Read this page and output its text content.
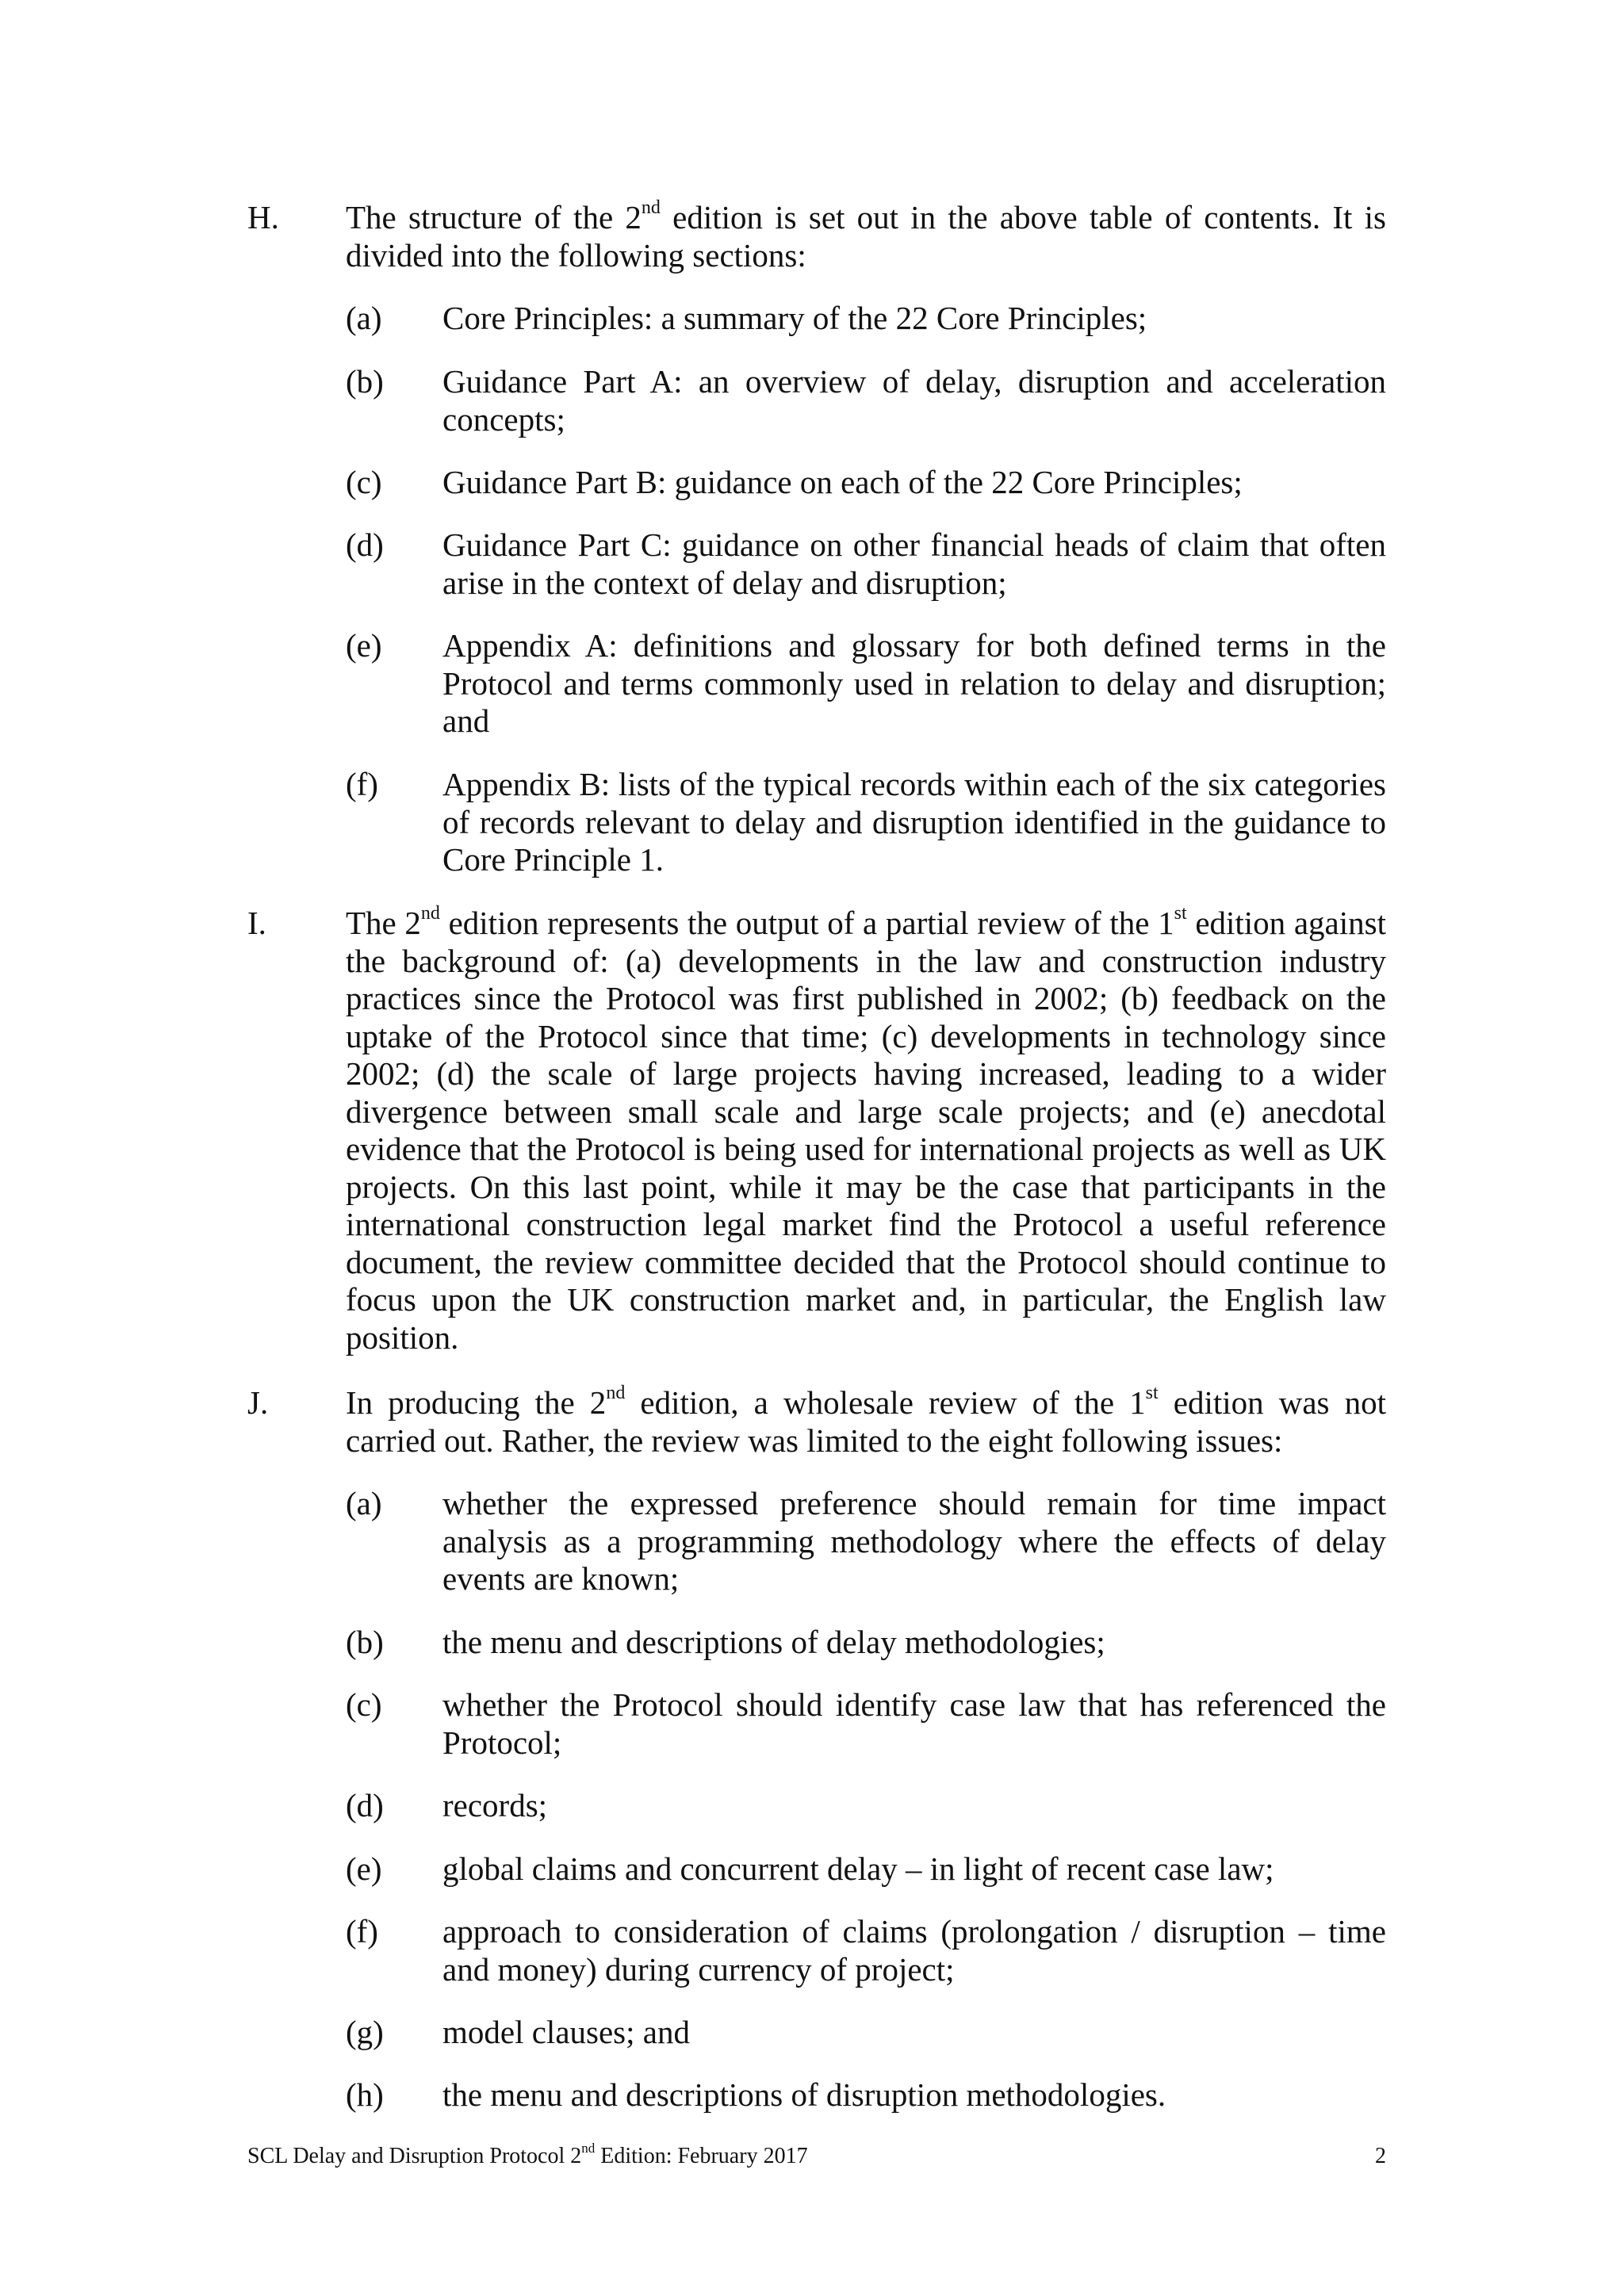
H.	The structure of the 2nd edition is set out in the above table of contents. It is divided into the following sections:
(a)	Core Principles: a summary of the 22 Core Principles;
(b)	Guidance Part A: an overview of delay, disruption and acceleration concepts;
(c)	Guidance Part B: guidance on each of the 22 Core Principles;
(d)	Guidance Part C: guidance on other financial heads of claim that often arise in the context of delay and disruption;
(e)	Appendix A: definitions and glossary for both defined terms in the Protocol and terms commonly used in relation to delay and disruption; and
(f)	Appendix B: lists of the typical records within each of the six categories of records relevant to delay and disruption identified in the guidance to Core Principle 1.
I.	The 2nd edition represents the output of a partial review of the 1st edition against the background of: (a) developments in the law and construction industry practices since the Protocol was first published in 2002; (b) feedback on the uptake of the Protocol since that time; (c) developments in technology since 2002; (d) the scale of large projects having increased, leading to a wider divergence between small scale and large scale projects; and (e) anecdotal evidence that the Protocol is being used for international projects as well as UK projects. On this last point, while it may be the case that participants in the international construction legal market find the Protocol a useful reference document, the review committee decided that the Protocol should continue to focus upon the UK construction market and, in particular, the English law position.
J.	In producing the 2nd edition, a wholesale review of the 1st edition was not carried out. Rather, the review was limited to the eight following issues:
(a)	whether the expressed preference should remain for time impact analysis as a programming methodology where the effects of delay events are known;
(b)	the menu and descriptions of delay methodologies;
(c)	whether the Protocol should identify case law that has referenced the Protocol;
(d)	records;
(e)	global claims and concurrent delay – in light of recent case law;
(f)	approach to consideration of claims (prolongation / disruption – time and money) during currency of project;
(g)	model clauses; and
(h)	the menu and descriptions of disruption methodologies.
SCL Delay and Disruption Protocol 2nd Edition: February 2017	2
